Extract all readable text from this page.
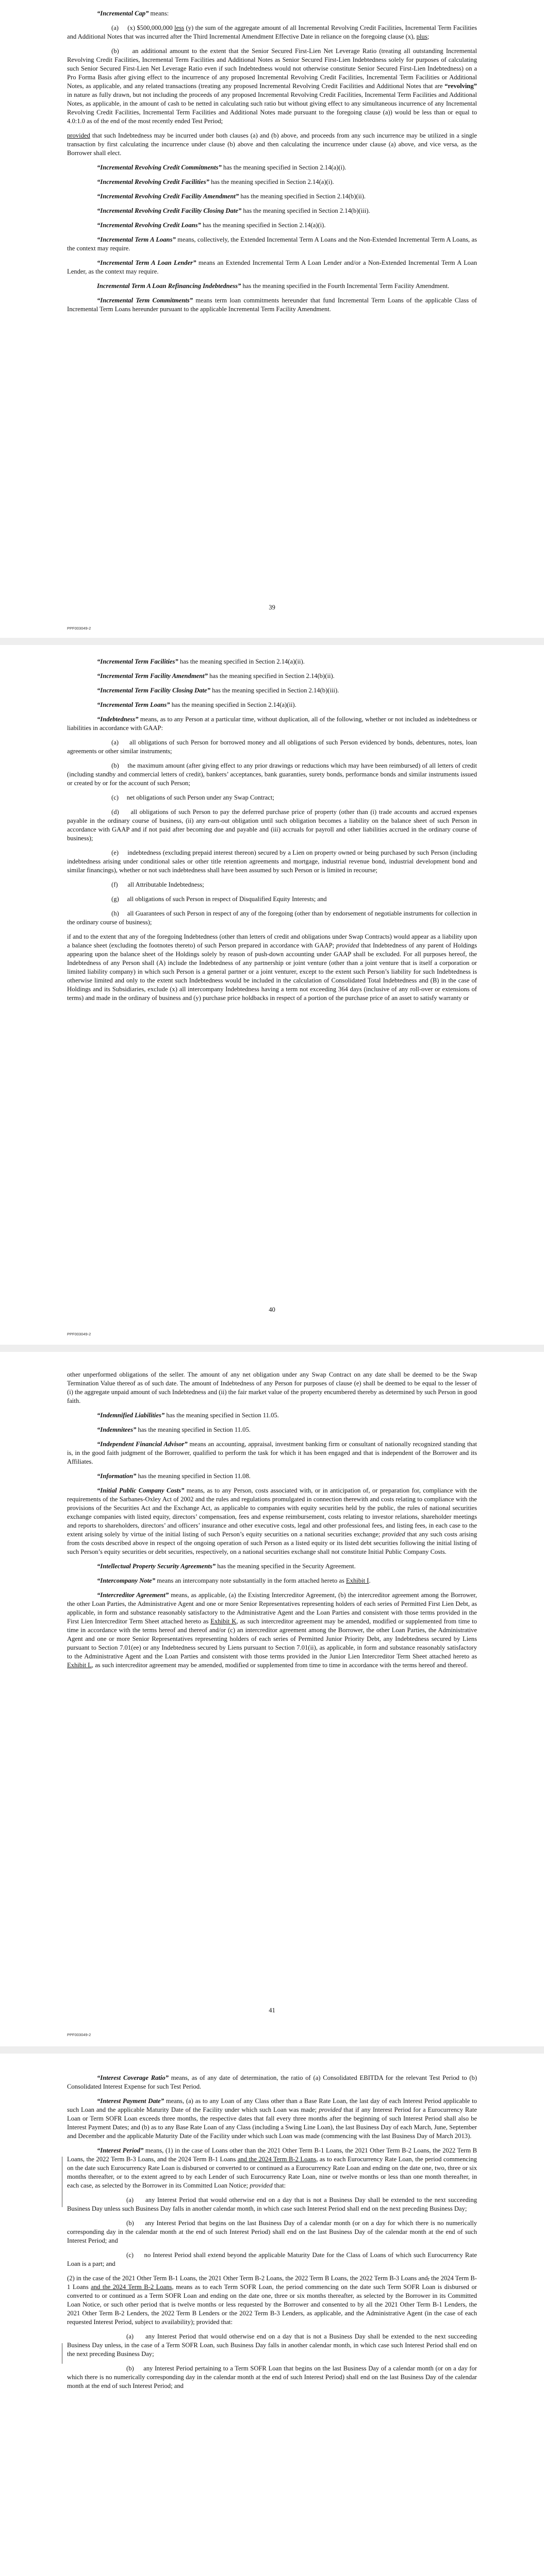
“Incremental Cap” means:

(a)     (x) $500,000,000 less (y) the sum of the aggregate amount of all Incremental Revolving Credit Facilities, Incremental Term Facilities and Additional Notes that was incurred after the Third Incremental Amendment Effective Date in reliance on the foregoing clause (x), plus;

(b)     an additional amount to the extent that the Senior Secured First-Lien Net Leverage Ratio (treating all outstanding Incremental Revolving Credit Facilities, Incremental Term Facilities and Additional Notes as Senior Secured First-Lien Indebtedness solely for purposes of calculating such Senior Secured First-Lien Net Leverage Ratio even if such Indebtedness would not otherwise constitute Senior Secured First-Lien Indebtedness) on a Pro Forma Basis after giving effect to the incurrence of any proposed Incremental Revolving Credit Facilities, Incremental Term Facilities or Additional Notes, as applicable, and any related transactions (treating any proposed Incremental Revolving Credit Facilities and Additional Notes that are “revolving” in nature as fully drawn, but not including the proceeds of any proposed Incremental Revolving Credit Facilities, Incremental Term Facilities and Additional Notes, as applicable, in the amount of cash to be netted in calculating such ratio but without giving effect to any simultaneous incurrence of any Incremental Revolving Credit Facilities, Incremental Term Facilities and Additional Notes made pursuant to the foregoing clause (a)) would be less than or equal to 4.0:1.0 as of the end of the most recently ended Test Period;

provided that such Indebtedness may be incurred under both clauses (a) and (b) above, and proceeds from any such incurrence may be utilized in a single transaction by first calculating the incurrence under clause (b) above and then calculating the incurrence under clause (a) above, and vice versa, as the Borrower shall elect.

“Incremental Revolving Credit Commitments” has the meaning specified in Section 2.14(a)(i).

“Incremental Revolving Credit Facilities” has the meaning specified in Section 2.14(a)(i).

“Incremental Revolving Credit Facility Amendment” has the meaning specified in Section 2.14(b)(ii).

“Incremental Revolving Credit Facility Closing Date” has the meaning specified in Section 2.14(b)(iii).

“Incremental Revolving Credit Loans” has the meaning specified in Section 2.14(a)(i).

“Incremental Term A Loans” means, collectively, the Extended Incremental Term A Loans and the Non-Extended Incremental Term A Loans, as the context may require.

“Incremental Term A Loan Lender” means an Extended Incremental Term A Loan Lender and/or a Non-Extended Incremental Term A Loan Lender, as the context may require.

Incremental Term A Loan Refinancing Indebtedness” has the meaning specified in the Fourth Incremental Term Facility Amendment.

“Incremental Term Commitments” means term loan commitments hereunder that fund Incremental Term Loans of the applicable Class of Incremental Term Loans hereunder pursuant to the applicable Incremental Term Facility Amendment.

39
PPF003049-2

“Incremental Term Facilities” has the meaning specified in Section 2.14(a)(ii).

“Incremental Term Facility Amendment” has the meaning specified in Section 2.14(b)(ii).

“Incremental Term Facility Closing Date” has the meaning specified in Section 2.14(b)(iii).

“Incremental Term Loans” has the meaning specified in Section 2.14(a)(ii).

“Indebtedness” means, as to any Person at a particular time, without duplication, all of the following, whether or not included as indebtedness or liabilities in accordance with GAAP:

(a)     all obligations of such Person for borrowed money and all obligations of such Person evidenced by bonds, debentures, notes, loan agreements or other similar instruments;

(b)     the maximum amount (after giving effect to any prior drawings or reductions which may have been reimbursed) of all letters of credit (including standby and commercial letters of credit), bankers’ acceptances, bank guaranties, surety bonds, performance bonds and similar instruments issued or created by or for the account of such Person;

(c)     net obligations of such Person under any Swap Contract;

(d)     all obligations of such Person to pay the deferred purchase price of property (other than (i) trade accounts and accrued expenses payable in the ordinary course of business, (ii) any earn-out obligation until such obligation becomes a liability on the balance sheet of such Person in accordance with GAAP and if not paid after becoming due and payable and (iii) accruals for payroll and other liabilities accrued in the ordinary course of business);

(e)     indebtedness (excluding prepaid interest thereon) secured by a Lien on property owned or being purchased by such Person (including indebtedness arising under conditional sales or other title retention agreements and mortgage, industrial revenue bond, industrial development bond and similar financings), whether or not such indebtedness shall have been assumed by such Person or is limited in recourse;

(f)      all Attributable Indebtedness;

(g)     all obligations of such Person in respect of Disqualified Equity Interests; and

(h)     all Guarantees of such Person in respect of any of the foregoing (other than by endorsement of negotiable instruments for collection in the ordinary course of business);

if and to the extent that any of the foregoing Indebtedness (other than letters of credit and obligations under Swap Contracts) would appear as a liability upon a balance sheet (excluding the footnotes thereto) of such Person prepared in accordance with GAAP; provided that Indebtedness of any parent of Holdings appearing upon the balance sheet of the Holdings solely by reason of push-down accounting under GAAP shall be excluded. For all purposes hereof, the Indebtedness of any Person shall (A) include the Indebtedness of any partnership or joint venture (other than a joint venture that is itself a corporation or limited liability company) in which such Person is a general partner or a joint venturer, except to the extent such Person’s liability for such Indebtedness is otherwise limited and only to the extent such Indebtedness would be included in the calculation of Consolidated Total Indebtedness and (B) in the case of Holdings and its Subsidiaries, exclude (x) all intercompany Indebtedness having a term not exceeding 364 days (inclusive of any roll-over or extensions of terms) and made in the ordinary of business and (y) purchase price holdbacks in respect of a portion of the purchase price of an asset to satisfy warranty or

40
PPF003049-2

other unperformed obligations of the seller. The amount of any net obligation under any Swap Contract on any date shall be deemed to be the Swap Termination Value thereof as of such date. The amount of Indebtedness of any Person for purposes of clause (e) shall be deemed to be equal to the lesser of (i) the aggregate unpaid amount of such Indebtedness and (ii) the fair market value of the property encumbered thereby as determined by such Person in good faith.

“Indemnified Liabilities” has the meaning specified in Section 11.05.

“Indemnitees” has the meaning specified in Section 11.05.

“Independent Financial Advisor” means an accounting, appraisal, investment banking firm or consultant of nationally recognized standing that is, in the good faith judgment of the Borrower, qualified to perform the task for which it has been engaged and that is independent of the Borrower and its Affiliates.

“Information” has the meaning specified in Section 11.08.

“Initial Public Company Costs” means, as to any Person, costs associated with, or in anticipation of, or preparation for, compliance with the requirements of the Sarbanes-Oxley Act of 2002 and the rules and regulations promulgated in connection therewith and costs relating to compliance with the provisions of the Securities Act and the Exchange Act, as applicable to companies with equity securities held by the public, the rules of national securities exchange companies with listed equity, directors’ compensation, fees and expense reimbursement, costs relating to investor relations, shareholder meetings and reports to shareholders, directors’ and officers’ insurance and other executive costs, legal and other professional fees, and listing fees, in each case to the extent arising solely by virtue of the initial listing of such Person’s equity securities on a national securities exchange; provided that any such costs arising from the costs described above in respect of the ongoing operation of such Person as a listed equity or its listed debt securities following the initial listing of such Person’s equity securities or debt securities, respectively, on a national securities exchange shall not constitute Initial Public Company Costs.

“Intellectual Property Security Agreements” has the meaning specified in the Security Agreement.

“Intercompany Note” means an intercompany note substantially in the form attached hereto as Exhibit I.

“Intercreditor Agreement” means, as applicable, (a) the Existing Intercreditor Agreement, (b) the intercreditor agreement among the Borrower, the other Loan Parties, the Administrative Agent and one or more Senior Representatives representing holders of each series of Permitted First Lien Debt, as applicable, in form and substance reasonably satisfactory to the Administrative Agent and the Loan Parties and consistent with those terms provided in the First Lien Intercreditor Term Sheet attached hereto as Exhibit K, as such intercreditor agreement may be amended, modified or supplemented from time to time in accordance with the terms hereof and thereof and/or (c) an intercreditor agreement among the Borrower, the other Loan Parties, the Administrative Agent and one or more Senior Representatives representing holders of each series of Permitted Junior Priority Debt, any Indebtedness secured by Liens pursuant to Section 7.01(ee) or any Indebtedness secured by Liens pursuant to Section 7.01(ii), as applicable, in form and substance reasonably satisfactory to the Administrative Agent and the Loan Parties and consistent with those terms provided in the Junior Lien Intercreditor Term Sheet attached hereto as Exhibit L, as such intercreditor agreement may be amended, modified or supplemented from time to time in accordance with the terms hereof and thereof.

41
PPF003049-2

“Interest Coverage Ratio” means, as of any date of determination, the ratio of (a) Consolidated EBITDA for the relevant Test Period to (b) Consolidated Interest Expense for such Test Period.

“Interest Payment Date” means, (a) as to any Loan of any Class other than a Base Rate Loan, the last day of each Interest Period applicable to such Loan and the applicable Maturity Date of the Facility under which such Loan was made; provided that if any Interest Period for a Eurocurrency Rate Loan or Term SOFR Loan exceeds three months, the respective dates that fall every three months after the beginning of such Interest Period shall also be Interest Payment Dates; and (b) as to any Base Rate Loan of any Class (including a Swing Line Loan), the last Business Day of each March, June, September and December and the applicable Maturity Date of the Facility under which such Loan was made (commencing with the last Business Day of March 2013).

“Interest Period” means, (1) in the case of Loans other than the 2021 Other Term B-1 Loans, the 2021 Other Term B-2 Loans, the 2022 Term B Loans, the 2022 Term B-3 Loans, and the 2024 Term B-1 Loans and the 2024 Term B-2 Loans, as to each Eurocurrency Rate Loan, the period commencing on the date such Eurocurrency Rate Loan is disbursed or converted to or continued as a Eurocurrency Rate Loan and ending on the date one, two, three or six months thereafter, or to the extent agreed to by each Lender of such Eurocurrency Rate Loan, nine or twelve months or less than one month thereafter, in each case, as selected by the Borrower in its Committed Loan Notice; provided that:

(a)     any Interest Period that would otherwise end on a day that is not a Business Day shall be extended to the next succeeding Business Day unless such Business Day falls in another calendar month, in which case such Interest Period shall end on the next preceding Business Day;

(b)     any Interest Period that begins on the last Business Day of a calendar month (or on a day for which there is no numerically corresponding day in the calendar month at the end of such Interest Period) shall end on the last Business Day of the calendar month at the end of such Interest Period; and

(c)     no Interest Period shall extend beyond the applicable Maturity Date for the Class of Loans of which such Eurocurrency Rate Loan is a part; and

(2) in the case of the 2021 Other Term B-1 Loans, the 2021 Other Term B-2 Loans, the 2022 Term B Loans, the 2022 Term B-3 Loans and, the 2024 Term B-1 Loans and the 2024 Term B-2 Loans, means as to each Term SOFR Loan, the period commencing on the date such Term SOFR Loan is disbursed or converted to or continued as a Term SOFR Loan and ending on the date one, three or six months thereafter, as selected by the Borrower in its Committed Loan Notice, or such other period that is twelve months or less requested by the Borrower and consented to by all the 2021 Other Term B-1 Lenders, the 2021 Other Term B-2 Lenders, the 2022 Term B Lenders or the 2022 Term B-3 Lenders, as applicable, and the Administrative Agent (in the case of each requested Interest Period, subject to availability); provided that:

(a)     any Interest Period that would otherwise end on a day that is not a Business Day shall be extended to the next succeeding Business Day unless, in the case of a Term SOFR Loan, such Business Day falls in another calendar month, in which case such Interest Period shall end on the next preceding Business Day;

(b)     any Interest Period pertaining to a Term SOFR Loan that begins on the last Business Day of a calendar month (or on a day for which there is no numerically corresponding day in the calendar month at the end of such Interest Period) shall end on the last Business Day of the calendar month at the end of such Interest Period; and
